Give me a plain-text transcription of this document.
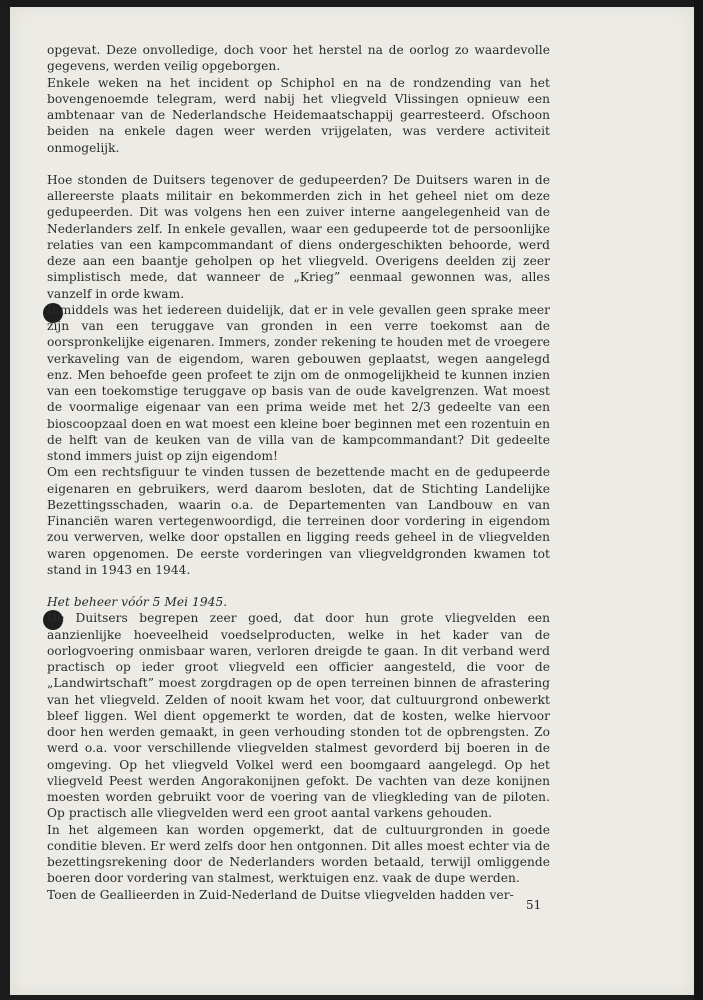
opgevat. Deze onvolledige, doch voor het herstel na de oorlog zo waardevolle gegevens, werden veilig opgeborgen.

Enkele weken na het incident op Schiphol en na de rondzending van het bovengenoemde telegram, werd nabij het vliegveld Vlissingen opnieuw een ambtenaar van de Nederlandsche Heidemaatschappij gearresteerd. Ofschoon beiden na enkele dagen weer werden vrijgelaten, was verdere activiteit onmogelijk.

Hoe stonden de Duitsers tegenover de gedupeerden? De Duitsers waren in de allereerste plaats militair en bekommerden zich in het geheel niet om deze gedupeerden. Dit was volgens hen een zuiver interne aangelegenheid van de Nederlanders zelf. In enkele gevallen, waar een gedupeerde tot de persoonlijke relaties van een kampcommandant of diens ondergeschikten behoorde, werd deze aan een baantje geholpen op het vliegveld. Overigens deelden zij zeer simplistisch mede, dat wanneer de „Krieg” eenmaal gewonnen was, alles vanzelf in orde kwam.

Inmiddels was het iedereen duidelijk, dat er in vele gevallen geen sprake meer zijn van een teruggave van gronden in een verre toekomst aan de oorspronkelijke eigenaren. Immers, zonder rekening te houden met de vroegere verkaveling van de eigendom, waren gebouwen geplaatst, wegen aangelegd enz. Men behoefde geen profeet te zijn om de onmogelijkheid te kunnen inzien van een toekomstige teruggave op basis van de oude kavelgrenzen. Wat moest de voormalige eigenaar van een prima weide met het 2/3 gedeelte van een bioscoopzaal doen en wat moest een kleine boer beginnen met een rozentuin en de helft van de keuken van de villa van de kampcommandant? Dit gedeelte stond immers juist op zijn eigendom!

Om een rechtsfiguur te vinden tussen de bezettende macht en de gedupeerde eigenaren en gebruikers, werd daarom besloten, dat de Stichting Landelijke Bezettingsschaden, waarin o.a. de Departementen van Landbouw en van Financiën waren vertegenwoordigd, die terreinen door vordering in eigendom zou verwerven, welke door opstallen en ligging reeds geheel in de vliegvelden waren opgenomen. De eerste vorderingen van vliegveldgronden kwamen tot stand in 1943 en 1944.

Het beheer vóór 5 Mei 1945.

De Duitsers begrepen zeer goed, dat door hun grote vliegvelden een aanzienlijke hoeveelheid voedselproducten, welke in het kader van de oorlogvoering onmisbaar waren, verloren dreigde te gaan. In dit verband werd practisch op ieder groot vliegveld een officier aangesteld, die voor de „Landwirtschaft” moest zorgdragen op de open terreinen binnen de afrastering van het vliegveld. Zelden of nooit kwam het voor, dat cultuurgrond onbewerkt bleef liggen. Wel dient opgemerkt te worden, dat de kosten, welke hiervoor door hen werden gemaakt, in geen verhouding stonden tot de opbrengsten. Zo werd o.a. voor verschillende vliegvelden stalmest gevorderd bij boeren in de omgeving. Op het vliegveld Volkel werd een boomgaard aangelegd. Op het vliegveld Peest werden Angorakonijnen gefokt. De vachten van deze konijnen moesten worden gebruikt voor de voering van de vliegkleding van de piloten. Op practisch alle vliegvelden werd een groot aantal varkens gehouden.

In het algemeen kan worden opgemerkt, dat de cultuurgronden in goede conditie bleven. Er werd zelfs door hen ontgonnen. Dit alles moest echter via de bezettingsrekening door de Nederlanders worden betaald, terwijl omliggende boeren door vordering van stalmest, werktuigen enz. vaak de dupe werden.

Toen de Geallieerden in Zuid-Nederland de Duitse vliegvelden hadden ver-

51
